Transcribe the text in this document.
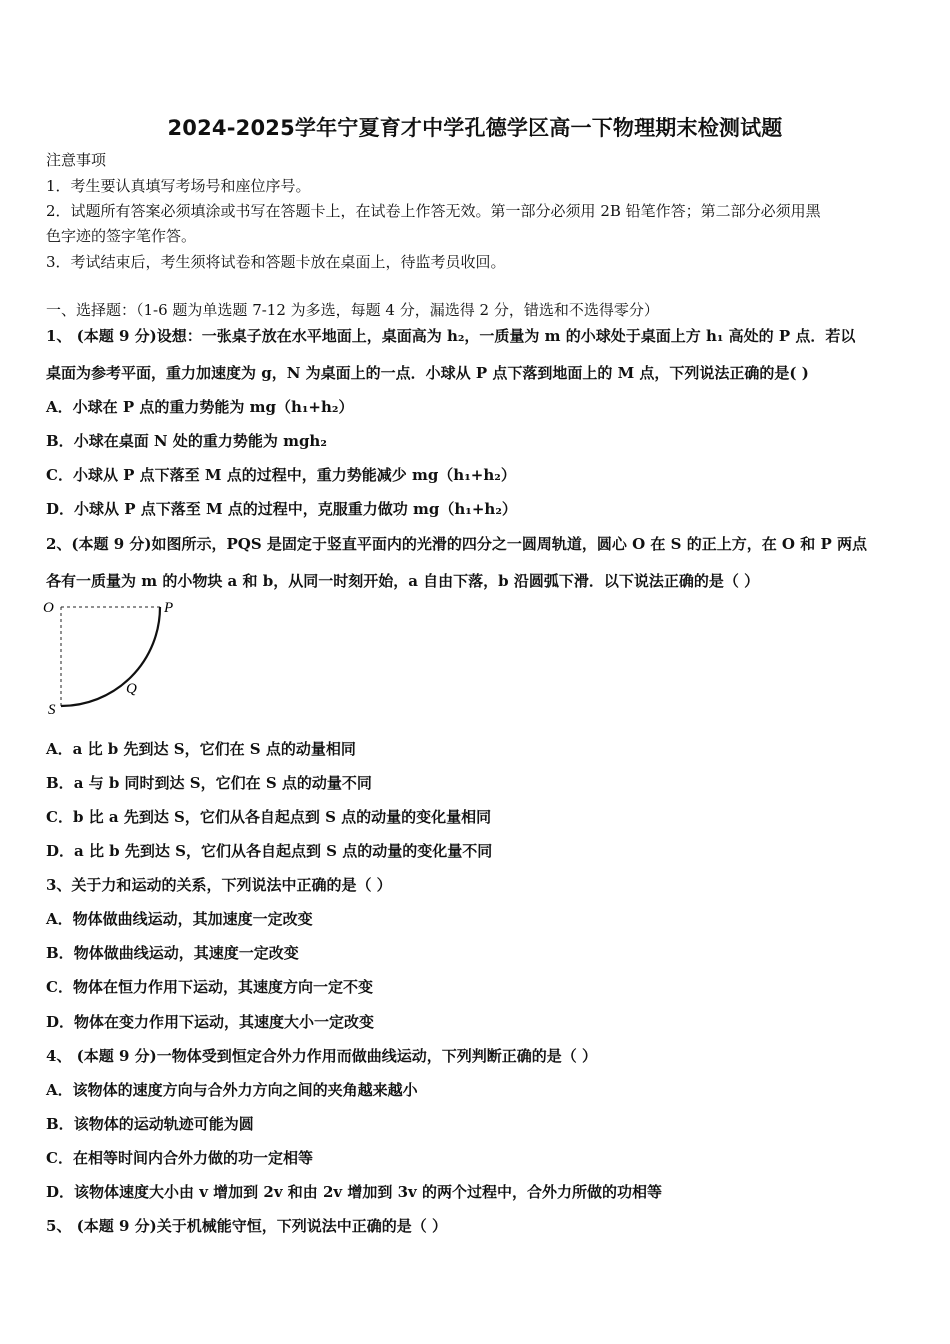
2024-2025学年宁夏育才中学孔德学区高一下物理期末检测试题
注意事项
1．考生要认真填写考场号和座位序号。
2．试题所有答案必须填涂或书写在答题卡上，在试卷上作答无效。第一部分必须用 2B 铅笔作答；第二部分必须用黑
色字迹的签字笔作答。
3．考试结束后，考生须将试卷和答题卡放在桌面上，待监考员收回。
一、选择题：（1-6 题为单选题 7-12 为多选，每题 4 分，漏选得 2 分，错选和不选得零分）
1、 (本题 9 分)设想：一张桌子放在水平地面上，桌面高为 h₂，一质量为 m 的小球处于桌面上方 h₁ 高处的 P 点．若以
桌面为参考平面，重力加速度为 g，N 为桌面上的一点．小球从 P 点下落到地面上的 M 点，下列说法正确的是( )
A．小球在 P 点的重力势能为 mg（h₁+h₂）
B．小球在桌面 N 处的重力势能为 mgh₂
C．小球从 P 点下落至 M 点的过程中，重力势能减少 mg（h₁+h₂）
D．小球从 P 点下落至 M 点的过程中，克服重力做功 mg（h₁+h₂）
2、(本题 9 分)如图所示，PQS 是固定于竖直平面内的光滑的四分之一圆周轨道，圆心 O 在 S 的正上方，在 O 和 P 两点
各有一质量为 m 的小物块 a 和 b，从同一时刻开始，a 自由下落，b 沿圆弧下滑．以下说法正确的是（ ）
O	P
Q
S
A．a 比 b 先到达 S，它们在 S 点的动量相同
B．a 与 b 同时到达 S，它们在 S 点的动量不同
C．b 比 a 先到达 S，它们从各自起点到 S 点的动量的变化量相同
D．a 比 b 先到达 S，它们从各自起点到 S 点的动量的变化量不同
3、关于力和运动的关系，下列说法中正确的是（ ）
A．物体做曲线运动，其加速度一定改变
B．物体做曲线运动，其速度一定改变
C．物体在恒力作用下运动，其速度方向一定不变
D．物体在变力作用下运动，其速度大小一定改变
4、 (本题 9 分)一物体受到恒定合外力作用而做曲线运动，下列判断正确的是（ ）
A．该物体的速度方向与合外力方向之间的夹角越来越小
B．该物体的运动轨迹可能为圆
C．在相等时间内合外力做的功一定相等
D．该物体速度大小由 v 增加到 2v 和由 2v 增加到 3v 的两个过程中，合外力所做的功相等
5、 (本题 9 分)关于机械能守恒，下列说法中正确的是（ ）
